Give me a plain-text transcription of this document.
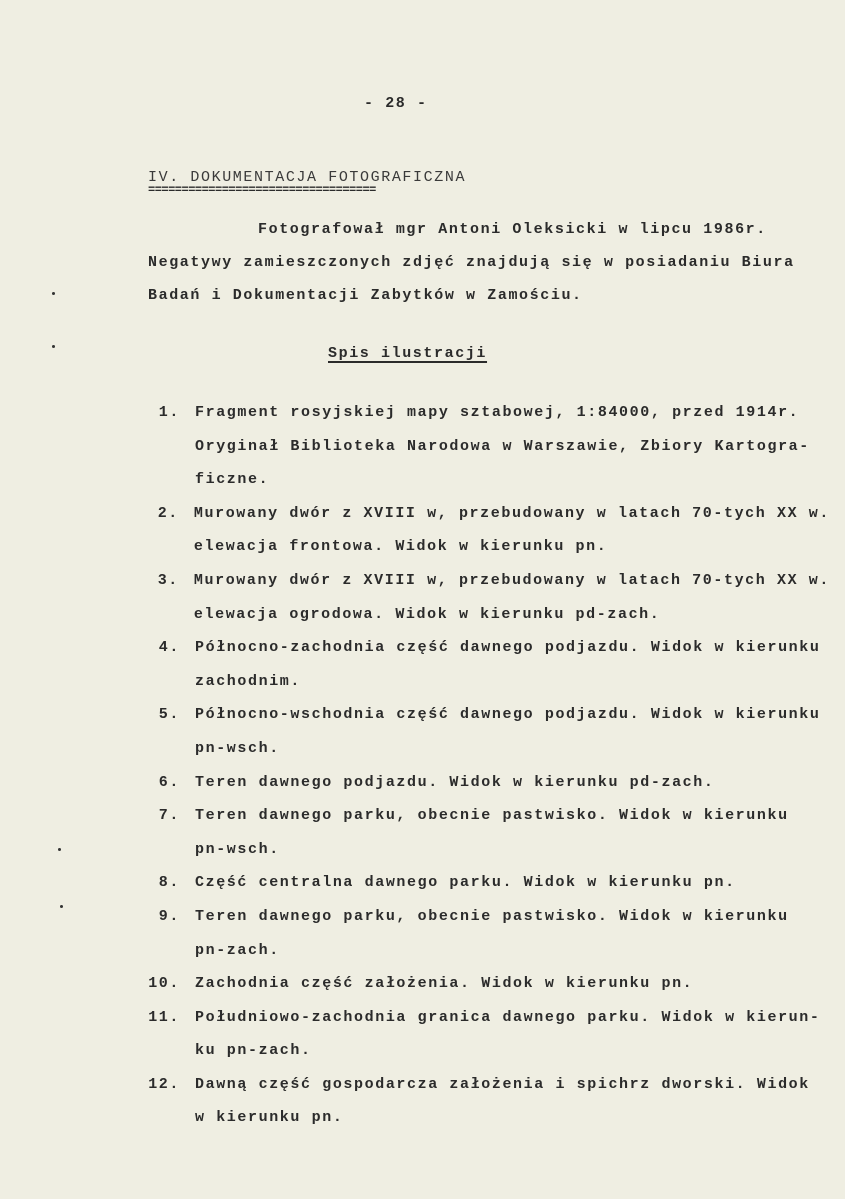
- 28 -
IV. DOKUMENTACJA FOTOGRAFICZNA
==================================
Fotografował mgr Antoni Oleksicki w lipcu 1986r.
Negatywy zamieszczonych zdjęć znajdują się w posiadaniu Biura
Badań i Dokumentacji Zabytków w Zamościu.
Spis ilustracji
1.	Fragment rosyjskiej mapy sztabowej, 1:84000, przed 1914r.
Oryginał Biblioteka Narodowa w Warszawie, Zbiory Kartogra-
ficzne.
2.	Murowany dwór z XVIII w, przebudowany w latach 70-tych XX w.
elewacja frontowa. Widok w kierunku pn.
3.	Murowany dwór z XVIII w, przebudowany w latach 70-tych XX w.
elewacja ogrodowa. Widok w kierunku pd-zach.
4.	Północno-zachodnia część dawnego podjazdu. Widok w kierunku
zachodnim.
5.	Północno-wschodnia część dawnego podjazdu. Widok w kierunku
pn-wsch.
6.	Teren dawnego podjazdu. Widok w kierunku pd-zach.
7.	Teren dawnego parku, obecnie pastwisko. Widok w kierunku
pn-wsch.
8.	Część centralna dawnego parku. Widok w kierunku pn.
9.	Teren dawnego parku, obecnie pastwisko. Widok w kierunku
pn-zach.
10.	Zachodnia część założenia. Widok w kierunku pn.
11.	Południowo-zachodnia granica dawnego parku. Widok w kierun-
ku pn-zach.
12.	Dawną część gospodarcza założenia i spichrz dworski. Widok
w kierunku pn.
